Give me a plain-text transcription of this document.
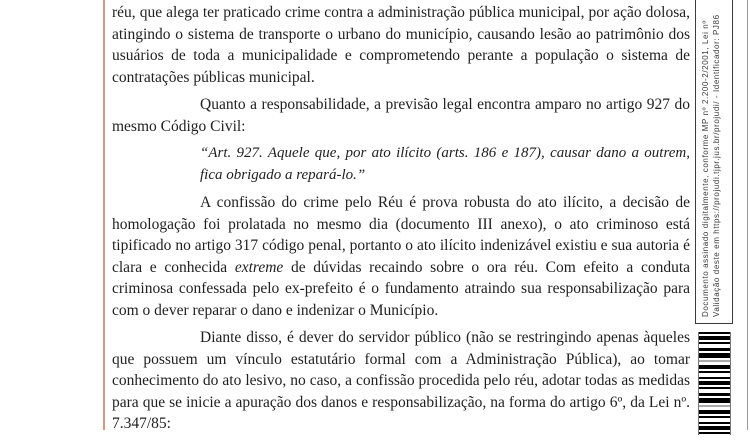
réu, que alega ter praticado crime contra a administração pública municipal, por ação dolosa, atingindo o sistema de transporte o urbano do município, causando lesão ao patrimônio dos usuários de toda a municipalidade e comprometendo perante a população o sistema de contratações públicas municipal.

Quanto a responsabilidade, a previsão legal encontra amparo no artigo 927 do mesmo Código Civil:

“Art. 927. Aquele que, por ato ilícito (arts. 186 e 187), causar dano a outrem, fica obrigado a repará-lo.”

A confissão do crime pelo Réu é prova robusta do ato ilícito, a decisão de homologação foi prolatada no mesmo dia (documento III anexo), o ato criminoso está tipificado no artigo 317 código penal, portanto o ato ilícito indenizável existiu e sua autoria é clara e conhecida extreme de dúvidas recaindo sobre o ora réu. Com efeito a conduta criminosa confessada pelo ex-prefeito é o fundamento atraindo sua responsabilização para com o dever reparar o dano e indenizar o Município.

Diante disso, é dever do servidor público (não se restringindo apenas àqueles que possuem um vínculo estatutário formal com a Administração Pública), ao tomar conhecimento do ato lesivo, no caso, a confissão procedida pelo réu, adotar todas as medidas para que se inicie a apuração dos danos e responsabilização, na forma do artigo 6º, da Lei nº. 7.347/85:

Documento assinado digitalmente, conforme MP nº 2.200-2/2001, Lei nº Validação deste em https://projudi.tjpr.jus.br/projudi/ - Identificador: PJ86
